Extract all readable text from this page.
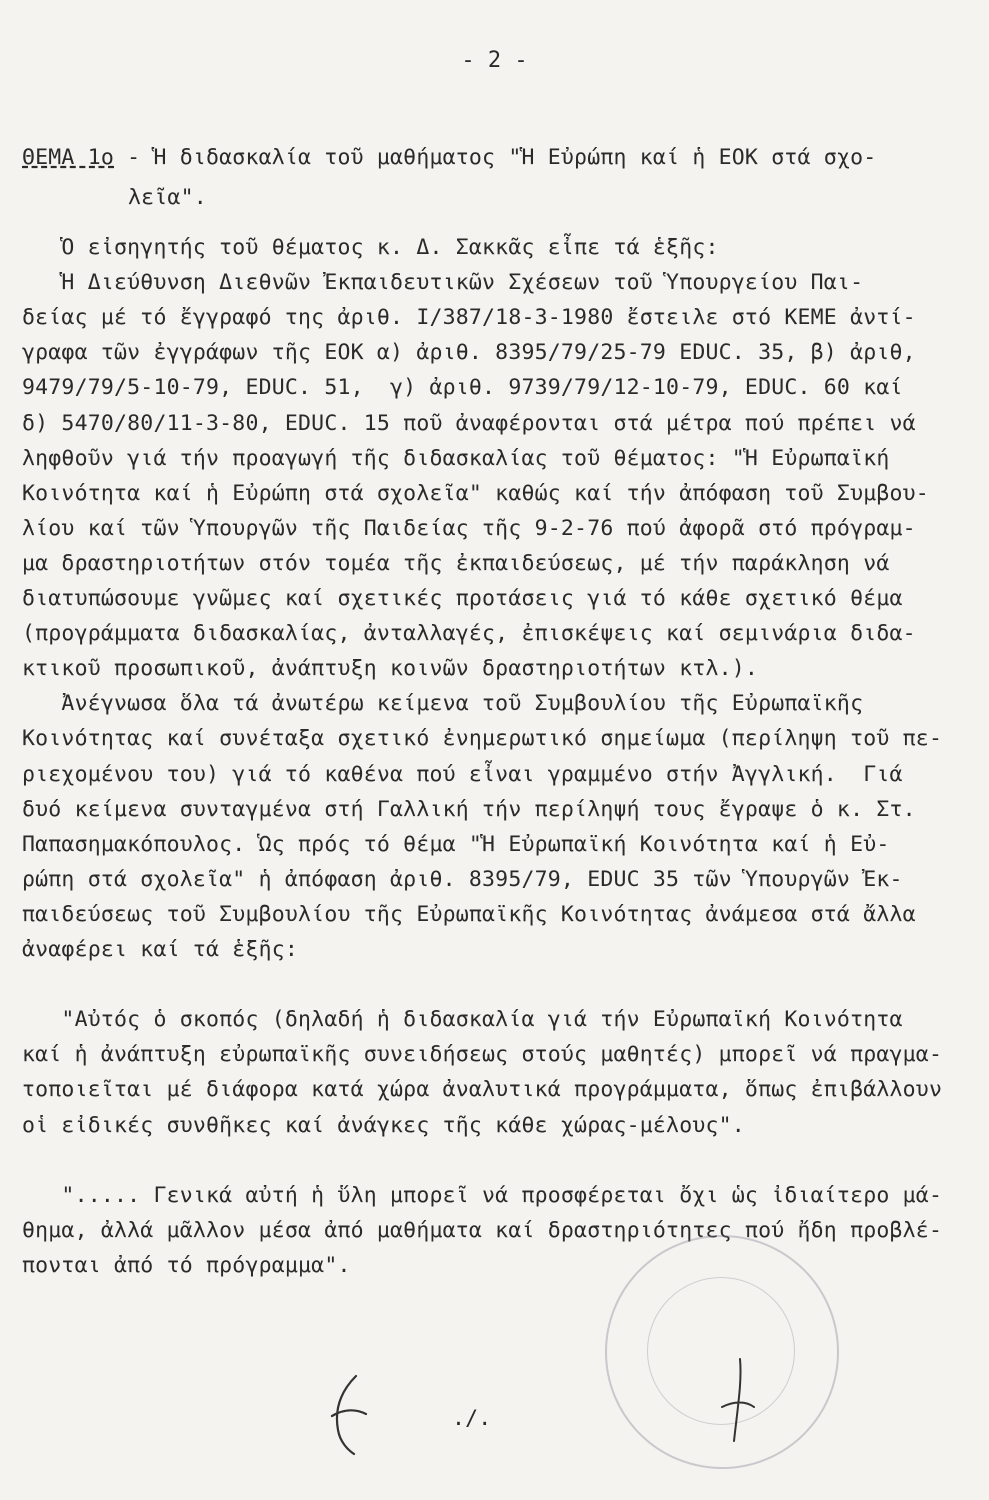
- 2 -
ΘΕΜΑ 1ο - Ἡ διδασκαλία τοῦ μαθήματος "Ἡ Εὐρώπη καί ἡ ΕΟΚ στά σχο-
λεῖα".
Ὁ εἰσηγητής τοῦ θέματος κ. Δ. Σακκᾶς εἶπε τά ἑξῆς:
Ἡ Διεύθυνση Διεθνῶν Ἐκπαιδευτικῶν Σχέσεων τοῦ Ὑπουργείου Παι-
δείας μέ τό ἔγγραφό της ἀριθ. Ι/387/18-3-1980 ἔστειλε στό ΚΕΜΕ ἀντί-
γραφα τῶν ἐγγράφων τῆς ΕΟΚ α) ἀριθ. 8395/79/25-79 EDUC. 35, β) ἀριθ,
9479/79/5-10-79, EDUC. 51,  γ) ἀριθ. 9739/79/12-10-79, EDUC. 60 καί
δ) 5470/80/11-3-80, EDUC. 15 ποῦ ἀναφέρονται στά μέτρα πού πρέπει νά
ληφθοῦν γιά τήν προαγωγή τῆς διδασκαλίας τοῦ θέματος: "Ἡ Εὐρωπαϊκή
Κοινότητα καί ἡ Εὐρώπη στά σχολεῖα" καθώς καί τήν ἀπόφαση τοῦ Συμβου-
λίου καί τῶν Ὑπουργῶν τῆς Παιδείας τῆς 9-2-76 πού ἀφορᾶ στό πρόγραμ-
μα δραστηριοτήτων στόν τομέα τῆς ἐκπαιδεύσεως, μέ τήν παράκληση νά
διατυπώσουμε γνῶμες καί σχετικές προτάσεις γιά τό κάθε σχετικό θέμα
(προγράμματα διδασκαλίας, ἀνταλλαγές, ἐπισκέψεις καί σεμινάρια διδα-
κτικοῦ προσωπικοῦ, ἀνάπτυξη κοινῶν δραστηριοτήτων κτλ.).
Ἀνέγνωσα ὅλα τά ἀνωτέρω κείμενα τοῦ Συμβουλίου τῆς Εὐρωπαϊκῆς
Κοινότητας καί συνέταξα σχετικό ἐνημερωτικό σημείωμα (περίληψη τοῦ πε-
ριεχομένου του) γιά τό καθένα πού εἶναι γραμμένο στήν Ἀγγλική.  Γιά
δυό κείμενα συνταγμένα στή Γαλλική τήν περίληψή τους ἔγραψε ὁ κ. Στ.
Παπασημακόπουλος. Ὡς πρός τό θέμα "Ἡ Εὐρωπαϊκή Κοινότητα καί ἡ Εὐ-
ρώπη στά σχολεῖα" ἡ ἀπόφαση ἀριθ. 8395/79, EDUC 35 τῶν Ὑπουργῶν Ἐκ-
παιδεύσεως τοῦ Συμβουλίου τῆς Εὐρωπαϊκῆς Κοινότητας ἀνάμεσα στά ἄλλα
ἀναφέρει καί τά ἑξῆς:
"Αὐτός ὁ σκοπός (δηλαδή ἡ διδασκαλία γιά τήν Εὐρωπαϊκή Κοινότητα
καί ἡ ἀνάπτυξη εὐρωπαϊκῆς συνειδήσεως στούς μαθητές) μπορεῖ νά πραγμα-
τοποιεῖται μέ διάφορα κατά χώρα ἀναλυτικά προγράμματα, ὅπως ἐπιβάλλουν
οἱ εἰδικές συνθῆκες καί ἀνάγκες τῆς κάθε χώρας-μέλους".
"..... Γενικά αὐτή ἡ ὕλη μπορεῖ νά προσφέρεται ὄχι ὡς ἰδιαίτερο μά-
θημα, ἀλλά μᾶλλον μέσα ἀπό μαθήματα καί δραστηριότητες πού ἤδη προβλέ-
πονται ἀπό τό πρόγραμμα".
./.
